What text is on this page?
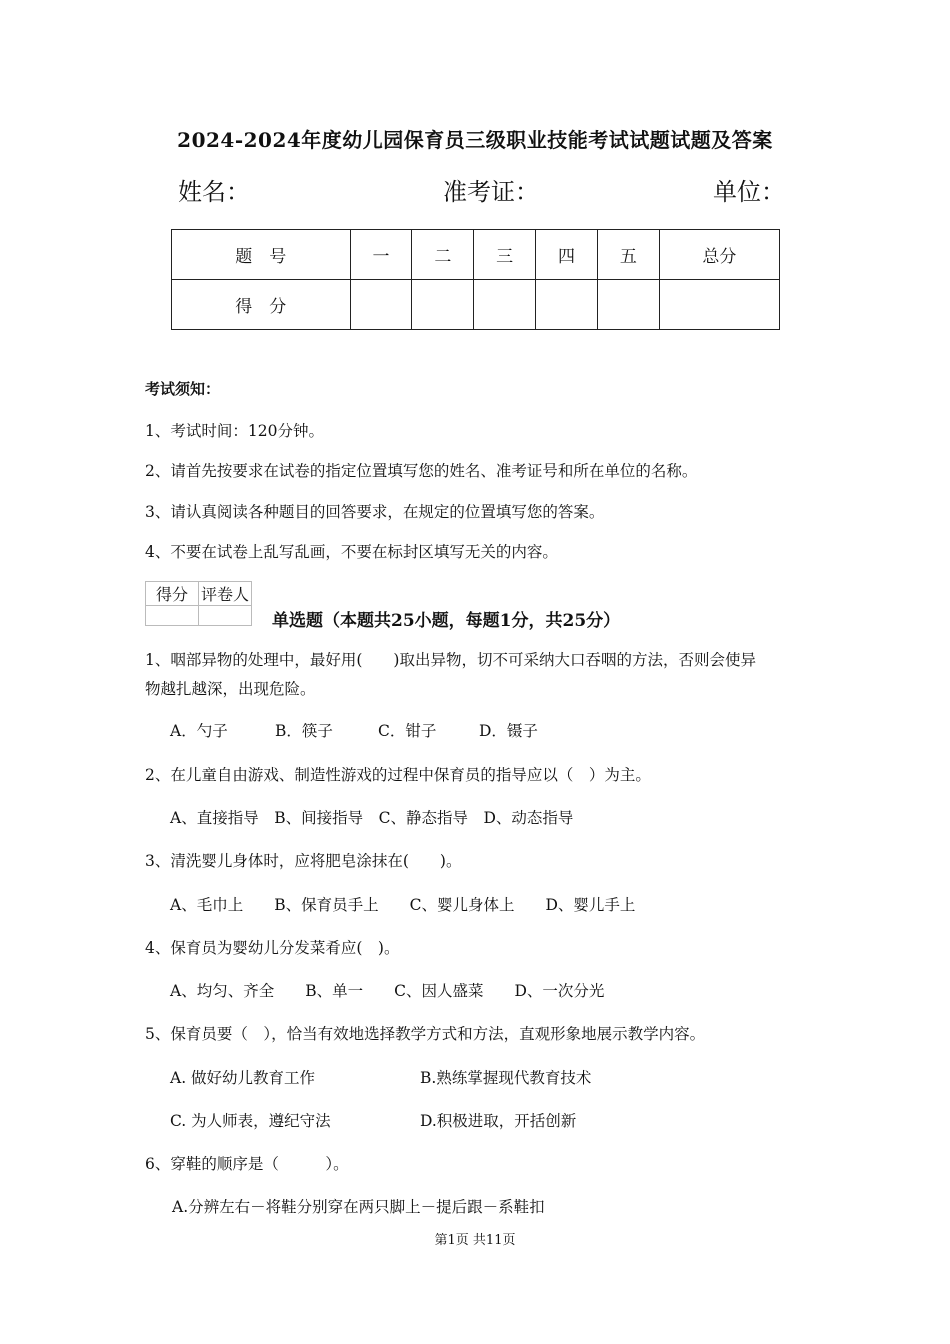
2024-2024年度幼儿园保育员三级职业技能考试试题试题及答案
姓名：	准考证：	单位：
题　号	一	二	三	四	五	总分
得　分						
考试须知：
1、考试时间：120分钟。
2、请首先按要求在试卷的指定位置填写您的姓名、准考证号和所在单位的名称。
3、请认真阅读各种题目的回答要求，在规定的位置填写您的答案。
4、不要在试卷上乱写乱画，不要在标封区填写无关的内容。
得分	评卷人

单选题（本题共25小题，每题1分，共25分）
1、咽部异物的处理中，最好用(　　)取出异物，切不可采纳大口吞咽的方法，否则会使异
物越扎越深，出现危险。
A．勺子	B．筷子	C．钳子	D．镊子
2、在儿童自由游戏、制造性游戏的过程中保育员的指导应以（　）为主。
A、直接指导　B、间接指导　C、静态指导　D、动态指导
3、清洗婴儿身体时，应将肥皂涂抹在(　　)。
A、毛巾上　　B、保育员手上　　C、婴儿身体上　　D、婴儿手上
4、保育员为婴幼儿分发菜肴应(　)。
A、均匀、齐全　　B、单一　　C、因人盛菜　　D、一次分光
5、保育员要（　），恰当有效地选择教学方式和方法，直观形象地展示教学内容。
A. 做好幼儿教育工作	B.熟练掌握现代教育技术
C. 为人师表，遵纪守法	D.积极进取，开括创新
6、穿鞋的顺序是（　　　）。
A.分辨左右－将鞋分别穿在两只脚上－提后跟－系鞋扣
第1页 共11页
